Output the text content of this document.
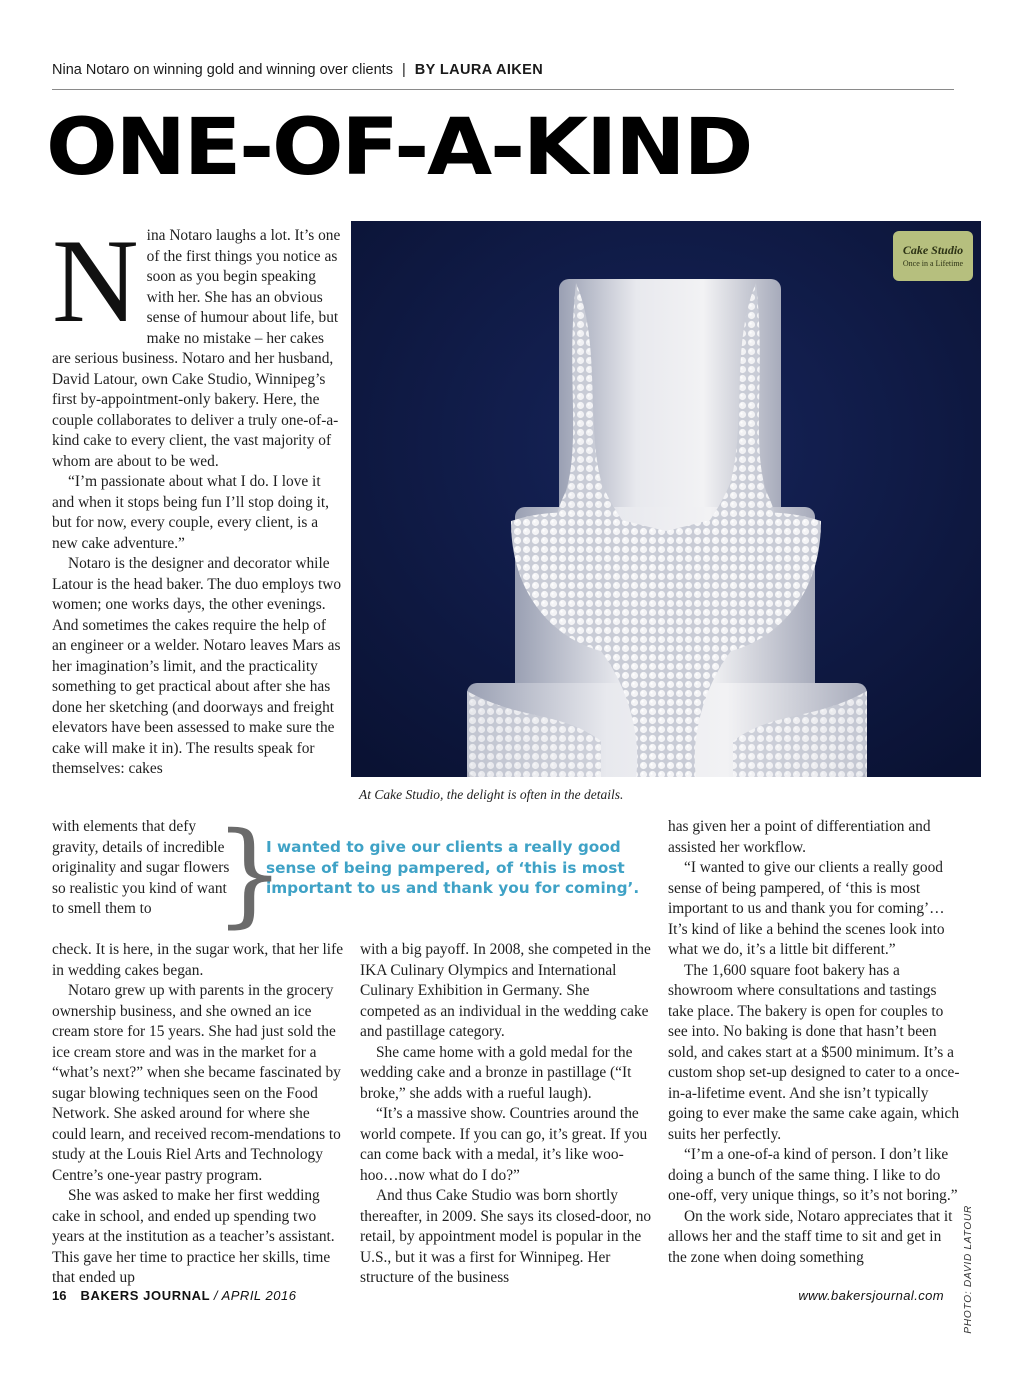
Nina Notaro on winning gold and winning over clients | BY LAURA AIKEN
ONE-OF-A-KIND
N ina Notaro laughs a lot. It’s one of the first things you notice as soon as you begin speaking with her. She has an obvious sense of humour about life, but make no mistake – her cakes are serious business. Notaro and her husband, David Latour, own Cake Studio, Winnipeg’s first by-appointment-only bakery. Here, the couple collaborates to deliver a truly one-of-a-kind cake to every client, the vast majority of whom are about to be wed.

“I’m passionate about what I do. I love it and when it stops being fun I’ll stop doing it, but for now, every couple, every client, is a new cake adventure.”

Notaro is the designer and decorator while Latour is the head baker. The duo employs two women; one works days, the other evenings. And sometimes the cakes require the help of an engineer or a welder. Notaro leaves Mars as her imagination’s limit, and the practicality something to get practical about after she has done her sketching (and doorways and freight elevators have been assessed to make sure the cake will make it in). The results speak for themselves: cakes

Cake Studio
Once in a Lifetime
At Cake Studio, the delight is often in the details.

with elements that defy gravity, details of incredible originality and sugar flowers so realistic you kind of want to smell them to }
I wanted to give our clients a really good sense of being pampered, of ‘this is most important to us and thank you for coming’.

check. It is here, in the sugar work, that her life in wedding cakes began.

Notaro grew up with parents in the grocery ownership business, and she owned an ice cream store for 15 years. She had just sold the ice cream store and was in the market for a “what’s next?” when she became fascinated by sugar blowing techniques seen on the Food Network. She asked around for where she could learn, and received recom-mendations to study at the Louis Riel Arts and Technology Centre’s one-year pastry program.

She was asked to make her first wedding cake in school, and ended up spending two years at the institution as a teacher’s assistant. This gave her time to practice her skills, time that ended up

with a big payoff. In 2008, she competed in the IKA Culinary Olympics and International Culinary Exhibition in Germany. She competed as an individual in the wedding cake and pastillage category.

She came home with a gold medal for the wedding cake and a bronze in pastillage (“It broke,” she adds with a rueful laugh).

“It’s a massive show. Countries around the world compete. If you can go, it’s great. If you can come back with a medal, it’s like woo-hoo…now what do I do?”

And thus Cake Studio was born shortly thereafter, in 2009. She says its closed-door, no retail, by appointment model is popular in the U.S., but it was a first for Winnipeg. Her structure of the business

has given her a point of differentiation and assisted her workflow.

“I wanted to give our clients a really good sense of being pampered, of ‘this is most important to us and thank you for coming’… It’s kind of like a behind the scenes look into what we do, it’s a little bit different.”

The 1,600 square foot bakery has a showroom where consultations and tastings take place. The bakery is open for couples to see into. No baking is done that hasn’t been sold, and cakes start at a $500 minimum. It’s a custom shop set-up designed to cater to a once-in-a-lifetime event. And she isn’t typically going to ever make the same cake again, which suits her perfectly.

“I’m a one-of-a kind of person. I don’t like doing a bunch of the same thing. I like to do one-off, very unique things, so it’s not boring.”

On the work side, Notaro appreciates that it allows her and the staff time to sit and get in the zone when doing something	PHOTO: DAVID LATOUR
16 BAKERS JOURNAL / APRIL 2016	www.bakersjournal.com
